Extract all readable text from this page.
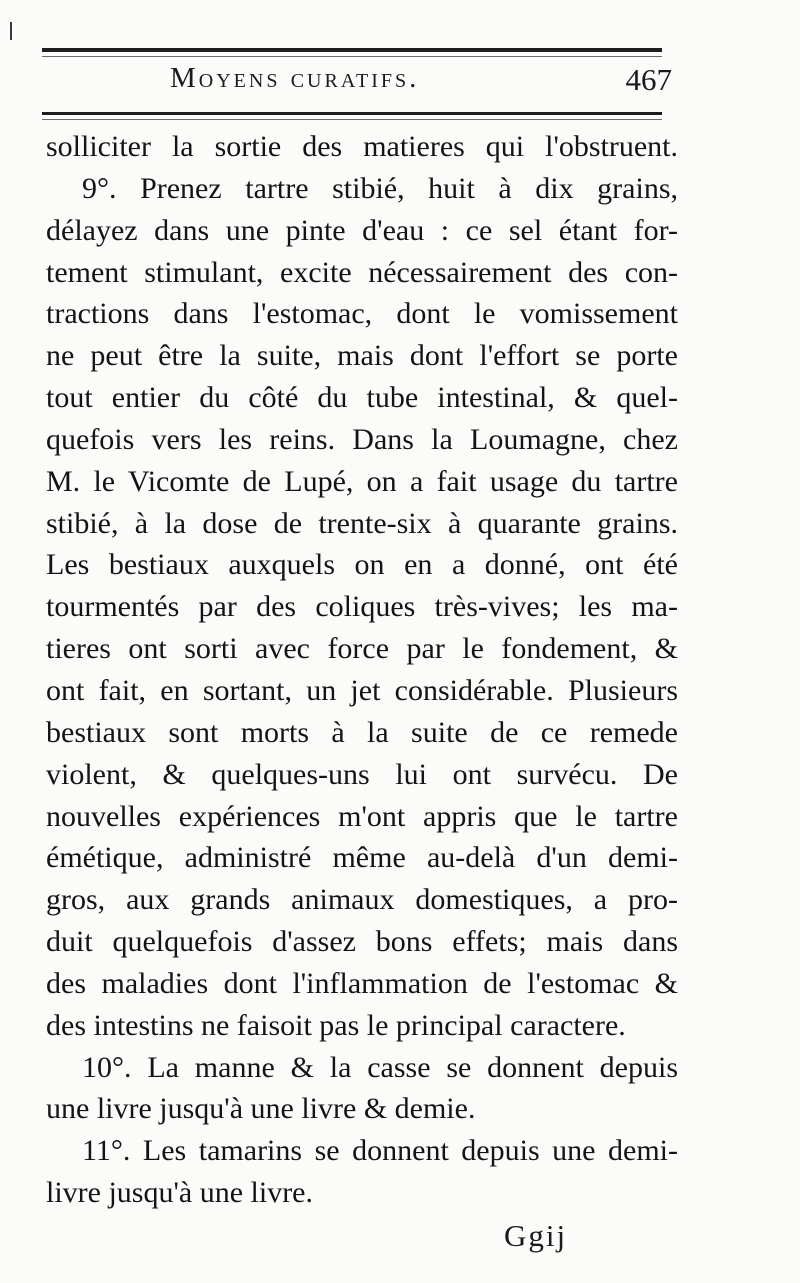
Moyens curatifs.	467
solliciter la sortie des matieres qui l'obstruent.
9°. Prenez tartre stibié, huit à dix grains,
délayez dans une pinte d'eau : ce sel étant for-
tement stimulant, excite nécessairement des con-
tractions dans l'estomac, dont le vomissement
ne peut être la suite, mais dont l'effort se porte
tout entier du côté du tube intestinal, & quel-
quefois vers les reins. Dans la Loumagne, chez
M. le Vicomte de Lupé, on a fait usage du tartre
stibié, à la dose de trente-six à quarante grains.
Les bestiaux auxquels on en a donné, ont été
tourmentés par des coliques très-vives; les ma-
tieres ont sorti avec force par le fondement, &
ont fait, en sortant, un jet considérable. Plusieurs
bestiaux sont morts à la suite de ce remede
violent, & quelques-uns lui ont survécu. De
nouvelles expériences m'ont appris que le tartre
émétique, administré même au-delà d'un demi-
gros, aux grands animaux domestiques, a pro-
duit quelquefois d'assez bons effets; mais dans
des maladies dont l'inflammation de l'estomac &
des intestins ne faisoit pas le principal caractere.
10°. La manne & la casse se donnent depuis
une livre jusqu'à une livre & demie.
11°. Les tamarins se donnent depuis une demi-
livre jusqu'à une livre.
Ggij
